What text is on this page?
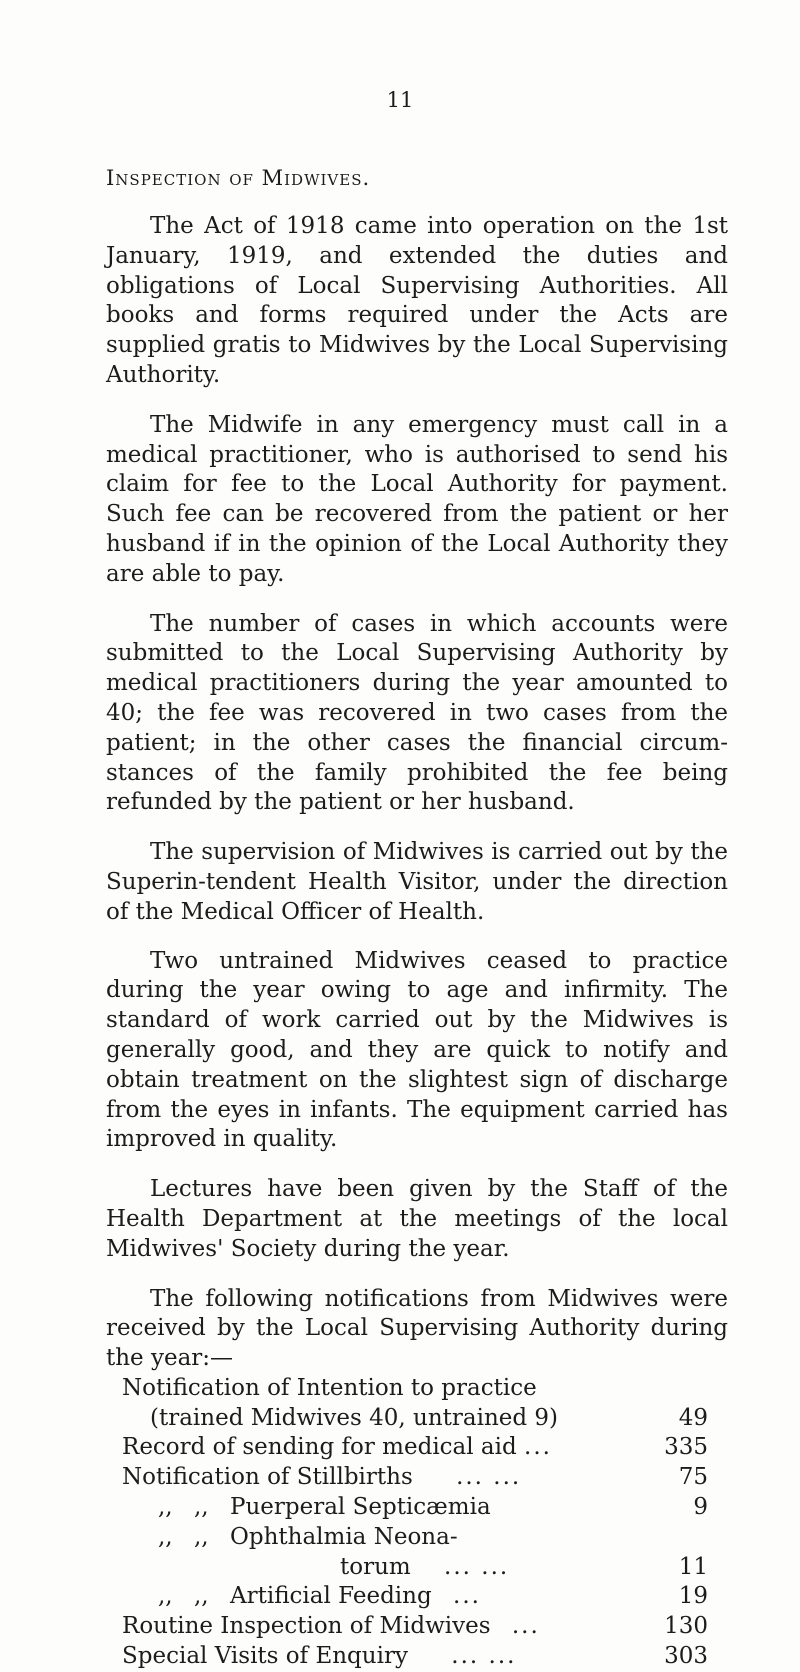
11
Inspection of Midwives.

The Act of 1918 came into operation on the 1st January, 1919, and extended the duties and obligations of Local Supervising Authorities. All books and forms required under the Acts are supplied gratis to Midwives by the Local Supervising Authority.

The Midwife in any emergency must call in a medical practitioner, who is authorised to send his claim for fee to the Local Authority for payment. Such fee can be recovered from the patient or her husband if in the opinion of the Local Authority they are able to pay.

The number of cases in which accounts were submitted to the Local Supervising Authority by medical practitioners during the year amounted to 40; the fee was recovered in two cases from the patient; in the other cases the financial circum-stances of the family prohibited the fee being refunded by the patient or her husband.

The supervision of Midwives is carried out by the Superin-tendent Health Visitor, under the direction of the Medical Officer of Health.

Two untrained Midwives ceased to practice during the year owing to age and infirmity. The standard of work carried out by the Midwives is generally good, and they are quick to notify and obtain treatment on the slightest sign of discharge from the eyes in infants. The equipment carried has improved in quality.

Lectures have been given by the Staff of the Health Department at the meetings of the local Midwives' Society during the year.

The following notifications from Midwives were received by the Local Supervising Authority during the year:—

Notification of Intention to practice
(trained Midwives 40, untrained 9)	49
Record of sending for medical aid ...	335
Notification of Stillbirths ... ...	75
,, ,, Puerperal Septicæmia	9
,, ,, Ophthalmia Neona-
torum ... ...	11
,, ,, Artificial Feeding ...	19
Routine Inspection of Midwives ...	130
Special Visits of Enquiry ... ...	303
